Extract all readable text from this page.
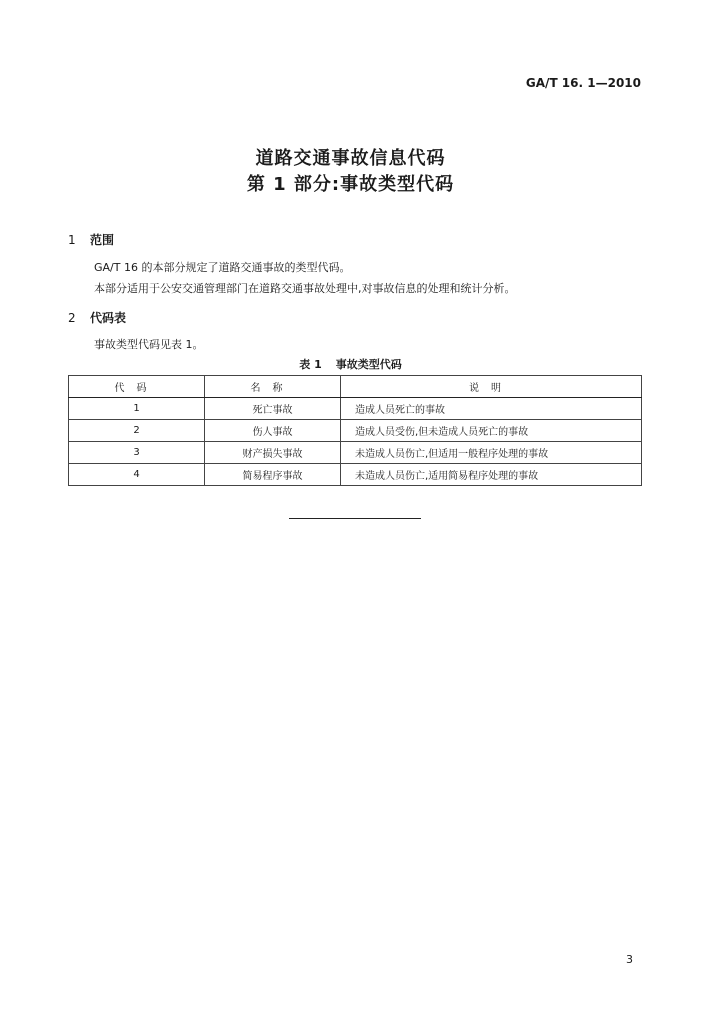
GA/T 16. 1—2010
道路交通事故信息代码
第 1 部分:事故类型代码
1 范围
GA/T 16 的本部分规定了道路交通事故的类型代码。
本部分适用于公安交通管理部门在道路交通事故处理中,对事故信息的处理和统计分析。
2 代码表
事故类型代码见表 1。
表 1 事故类型代码
代码	名称	说明
1	死亡事故	造成人员死亡的事故
2	伤人事故	造成人员受伤,但未造成人员死亡的事故
3	财产损失事故	未造成人员伤亡,但适用一般程序处理的事故
4	简易程序事故	未造成人员伤亡,适用简易程序处理的事故
3
